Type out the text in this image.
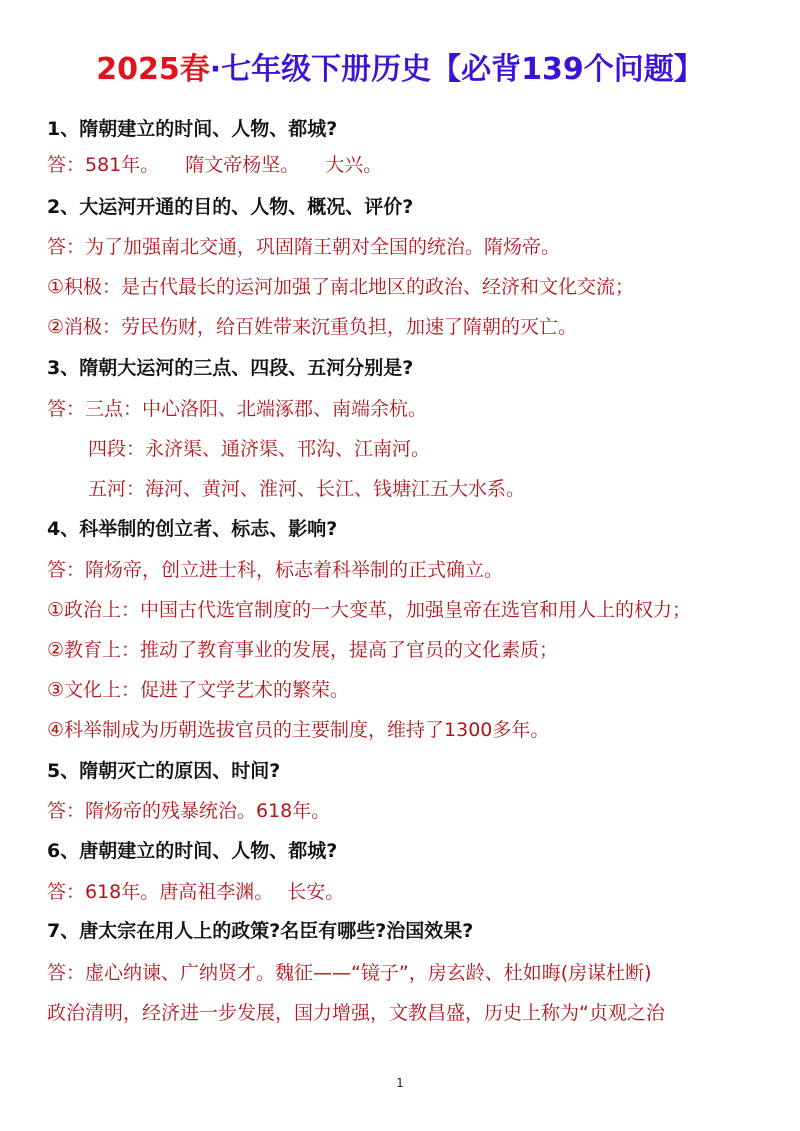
2025春·七年级下册历史【必背139个问题】
1、隋朝建立的时间、人物、都城?
答：581年。 隋文帝杨坚。 大兴。
2、大运河开通的目的、人物、概况、评价?
答：为了加强南北交通，巩固隋王朝对全国的统治。隋炀帝。
①积极：是古代最长的运河加强了南北地区的政治、经济和文化交流；
②消极：劳民伤财，给百姓带来沉重负担，加速了隋朝的灭亡。
3、隋朝大运河的三点、四段、五河分别是?
答：三点：中心洛阳、北端涿郡、南端余杭。
四段：永济渠、通济渠、邗沟、江南河。
五河：海河、黄河、淮河、长江、钱塘江五大水系。
4、科举制的创立者、标志、影响?
答：隋炀帝，创立进士科，标志着科举制的正式确立。
①政治上：中国古代选官制度的一大变革，加强皇帝在选官和用人上的权力；
②教育上：推动了教育事业的发展，提高了官员的文化素质；
③文化上：促进了文学艺术的繁荣。
④科举制成为历朝选拔官员的主要制度，维持了1300多年。
5、隋朝灭亡的原因、时间?
答：隋炀帝的残暴统治。618年。
6、唐朝建立的时间、人物、都城?
答：618年。唐高祖李渊。 长安。
7、唐太宗在用人上的政策?名臣有哪些?治国效果?
答：虚心纳谏、广纳贤才。魏征——“镜子”，房玄龄、杜如晦(房谋杜断)
政治清明，经济进一步发展，国力增强，文教昌盛，历史上称为“贞观之治
1
